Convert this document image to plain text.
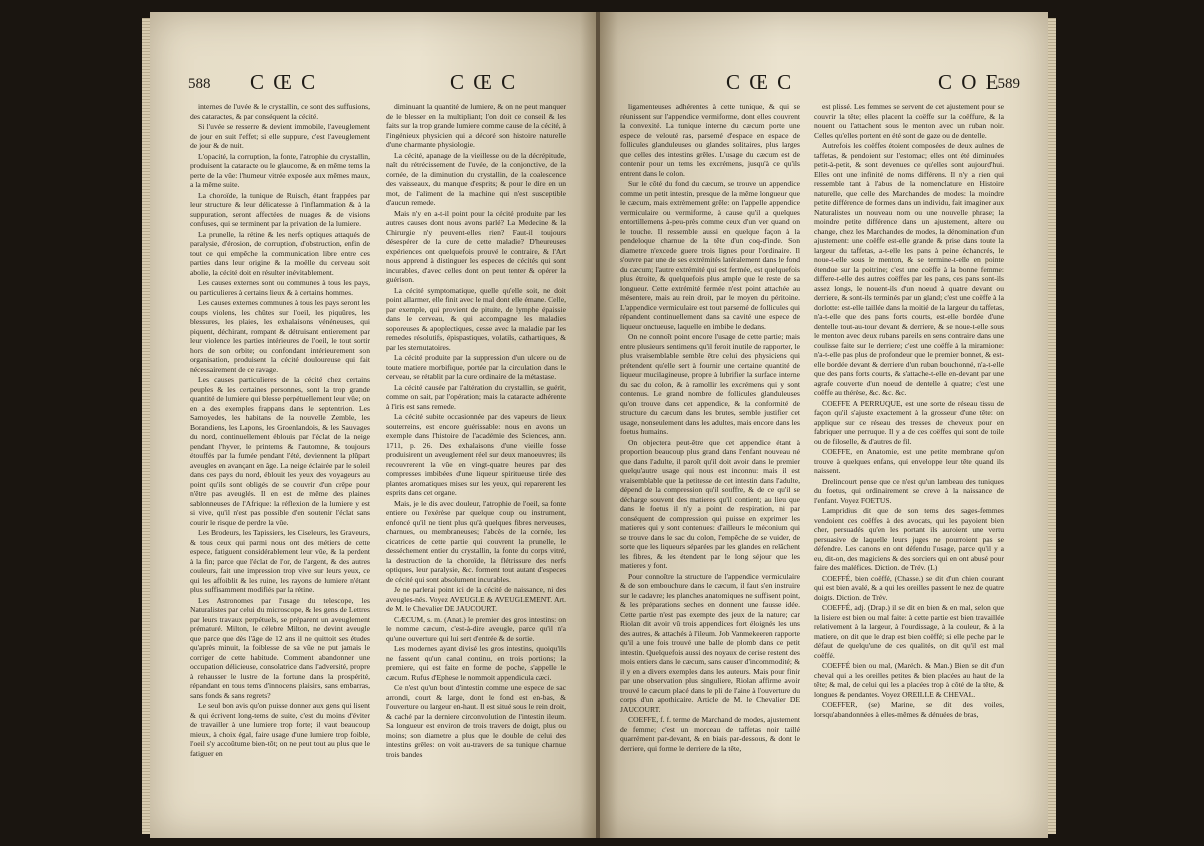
588 C Œ C	C Œ C

internes de l'uvée & le crystallin, ce sont des suffusions, des cataractes, & par conséquent la cécité.

Si l'uvée se resserre & devient immobile, l'aveuglement de jour en suit l'effet; si elle suppure, c'est l'aveuglement de jour & de nuit.

L'opacité, la corruption, la fonte, l'atrophie du crystallin, produisent la cataracte ou le glaucome, & en même tems la perte de la vûe: l'humeur vitrée exposée aux mêmes maux, a la même suite.

La choroïde, la tunique de Ruisch, étant frappées par leur structure & leur délicatesse à l'inflammation & à la suppuration, seront affectées de nuages & de visions confuses, qui se terminent par la privation de la lumiere.

La prunelle, la rétine & les nerfs optiques attaqués de paralysie, d'érosion, de corruption, d'obstruction, enfin de tout ce qui empêche la communication libre entre ces parties dans leur origine & la moëlle du cerveau soit abolie, la cécité doit en résulter inévitablement.

Les causes externes sont ou communes à tous les pays, ou particulieres à certains lieux & à certains hommes.

Les causes externes communes à tous les pays seront les coups violens, les chûtes sur l'oeil, les piquûres, les blessures, les plaies, les exhalaisons vénéneuses, qui piquent, déchirant, rompant & détruisant entierement par leur violence les parties intérieures de l'oeil, le tout sortir hors de son orbite; ou confondant intérieurement son organisation, produisent la cécité douloureuse qui fait nécessairement de ce ravage.

Les causes particulieres de la cécité chez certains peuples & les certaines personnes, sont la trop grande quantité de lumiere qui blesse perpétuellement leur vûe; on en a des exemples frappans dans le septentrion. Les Samoyedes, les habitans de la nouvelle Zemble, les Borandiens, les Lapons, les Groenlandois, & les Sauvages du nord, continuellement éblouis par l'éclat de la neige pendant l'hyver, le printems & l'automne, & toujours étouffés par la fumée pendant l'été, deviennent la plûpart aveugles en avançant en âge. La neige éclairée par le soleil dans ces pays du nord, éblouit les yeux des voyageurs au point qu'ils sont obligés de se couvrir d'un crêpe pour n'être pas aveuglés. Il en est de même des plaines sablonneuses de l'Afrique: la réflexion de la lumiere y est si vive, qu'il n'est pas possible d'en soutenir l'éclat sans courir le risque de perdre la vûe.

Les Brodeurs, les Tapissiers, les Ciseleurs, les Graveurs, & tous ceux qui parmi nous ont des métiers de cette espece, fatiguent considérablement leur vûe, & la perdent à la fin; parce que l'éclat de l'or, de l'argent, & des autres couleurs, fait une impression trop vive sur leurs yeux, ce qui les affoiblit & les ruine, les rayons de lumiere n'étant plus suffisamment modifiés par la rétine.

Les Astronomes par l'usage du telescope, les Naturalistes par celui du microscope, & les gens de Lettres par leurs travaux perpétuels, se préparent un aveuglement prématuré. Milton, le célebre Milton, ne devint aveugle que parce que dès l'âge de 12 ans il ne quittoit ses études qu'après minuit, la foiblesse de sa vûe ne put jamais le corriger de cette habitude. Comment abandonner une occupation délicieuse, consolatrice dans l'adversité, propre à rehausser le lustre de la fortune dans la prospérité, répandant en tous tems d'innocens plaisirs, sans embarras, sans fonds & sans regrets?

Le seul bon avis qu'on puisse donner aux gens qui lisent & qui écrivent long-tems de suite, c'est du moins d'éviter de travailler à une lumiere trop forte; il vaut beaucoup mieux, à choix égal, faire usage d'une lumiere trop foible, l'oeil s'y accoûtume bien-tôt; on ne peut tout au plus que le fatiguer en

diminuant la quantité de lumiere, & on ne peut manquer de le blesser en la multipliant; l'on doit ce conseil & les faits sur la trop grande lumiere comme cause de la cécité, à l'ingénieux physicien qui a décoré son histoire naturelle d'une charmante physiologie.

La cécité, apanage de la vieillesse ou de la décrépitude, naît du rétrécissement de l'uvée, de la conjonctive, de la cornée, de la diminution du crystallin, de la coalescence des vaisseaux, du manque d'esprits; & pour le dire en un mot, de l'aliment de la machine qui n'est susceptible d'aucun remede.

Mais n'y en a-t-il point pour la cécité produite par les autres causes dont nous avons parlé? La Medecine & la Chirurgie n'y peuvent-elles rien? Faut-il toujours désespérer de la cure de cette maladie? D'heureuses expériences ont quelquefois prouvé le contraire, & l'Art nous apprend à distinguer les especes de cécités qui sont incurables, d'avec celles dont on peut tenter & opérer la guérison.

La cécité symptomatique, quelle qu'elle soit, ne doit point allarmer, elle finit avec le mal dont elle émane. Celle, par exemple, qui provient de pituite, de lymphe épaissie dans le cerveau, & qui accompagne les maladies soporeuses & apoplectiques, cesse avec la maladie par les remedes résolutifs, épispastiques, volatils, cathartiques, & par les sternutatoires.

La cécité produite par la suppression d'un ulcere ou de toute matiere morbifique, portée par la circulation dans le cerveau, se rétablit par la cure ordinaire de la métastase.

La cécité causée par l'altération du crystallin, se guérit, comme on sait, par l'opération; mais la cataracte adhérente à l'iris est sans remede.

La cécité subite occasionnée par des vapeurs de lieux souterreins, est encore guérissable: nous en avons un exemple dans l'histoire de l'académie des Sciences, ann. 1711, p. 26. Des exhalaisons d'une vieille fosse produisirent un aveuglement réel sur deux manoeuvres; ils recouvrerent la vûe en vingt-quatre heures par des compresses imbibées d'une liqueur spiritueuse tirée des plantes aromatiques mises sur les yeux, qui reparerent les esprits dans cet organe.

Mais, je le dis avec douleur, l'atrophie de l'oeil, sa fonte entiere ou l'exérèse par quelque coup ou instrument, enfoncé qu'il ne tient plus qu'à quelques fibres nerveuses, charnues, ou membraneuses; l'abcès de la cornée, les cicatrices de cette partie qui couvrent la prunelle, le desséchement entier du crystallin, la fonte du corps vitré, la destruction de la choroïde, la flétrissure des nerfs optiques, leur paralysie, &c. forment tout autant d'especes de cécité qui sont absolument incurables.

Je ne parlerai point ici de la cécité de naissance, ni des aveugles-nés. Voyez AVEUGLE & AVEUGLEMENT. Art. de M. le Chevalier DE JAUCOURT.

CÆCUM, s. m. (Anat.) le premier des gros intestins: on le nomme cæcum, c'est-à-dire aveugle, parce qu'il n'a qu'une ouverture qui lui sert d'entrée & de sortie.

Les modernes ayant divisé les gros intestins, quoiqu'ils ne fassent qu'un canal continu, en trois portions; la premiere, qui est faite en forme de poche, s'appelle le cæcum. Rufus d'Ephese le nommoit appendicula cæci.

Ce n'est qu'un bout d'intestin comme une espece de sac arrondi, court & large, dont le fond est en-bas, & l'ouverture ou largeur en-haut. Il est situé sous le rein droit, & caché par la derniere circonvolution de l'intestin ileum. Sa longueur est environ de trois travers de doigt, plus ou moins; son diametre a plus que le double de celui des intestins grêles: on voit au-travers de sa tunique charnue trois bandes

589
C Œ C	C O E

ligamenteuses adhérentes à cette tunique, & qui se réunissent sur l'appendice vermiforme, dont elles couvrent la convexité. La tunique interne du cæcum porte une espece de velouté ras, parsemé d'espace en espace de follicules glanduleuses ou glandes solitaires, plus larges que celles des intestins grêles. L'usage du cæcum est de contenir pour un tems les excrémens, jusqu'à ce qu'ils entrent dans le colon.

Sur le côté du fond du cæcum, se trouve un appendice comme un petit intestin, presque de la même longueur que le cæcum, mais extrèmement grêle: on l'appelle appendice vermiculaire ou vermiforme, à cause qu'il a quelques entortillemens à-peu-près comme ceux d'un ver quand on le touche. Il ressemble aussi en quelque façon à la pendeloque charnue de la tête d'un coq-d'inde. Son diametre n'excede guere trois lignes pour l'ordinaire. Il s'ouvre par une de ses extrémités latéralement dans le fond du cæcum; l'autre extrémité qui est fermée, est quelquefois plus étroite, & quelquefois plus ample que le reste de sa longueur. Cette extrémité fermée n'est point attachée au mésentere, mais au rein droit, par le moyen du péritoine. L'appendice vermiculaire est tout parsemé de follicules qui répandent continuellement dans sa cavité une espece de liqueur onctueuse, laquelle en imbibe le dedans.

On ne connoît point encore l'usage de cette partie; mais entre plusieurs sentimens qu'il feroit inutile de rapporter, le plus vraisemblable semble être celui des physiciens qui prétendent qu'elle sert à fournir une certaine quantité de liqueur mucilagineuse, propre à lubrifier la surface interne du sac du colon, & à ramollir les excrémens qui y sont contenus. Le grand nombre de follicules glanduleuses qu'on trouve dans cet appendice, & la conformité de structure du cæcum dans les brutes, semble justifier cet usage, nonseulement dans les adultes, mais encore dans les foetus humains.

On objectera peut-être que cet appendice étant à proportion beaucoup plus grand dans l'enfant nouveau né que dans l'adulte, il paroît qu'il doit avoir dans le premier quelqu'autre usage qui nous est inconnu: mais il est vraisemblable que la petitesse de cet intestin dans l'adulte, dépend de la compression qu'il souffre, & de ce qu'il se décharge souvent des matieres qu'il contient; au lieu que dans le foetus il n'y a point de respiration, ni par conséquent de compression qui puisse en exprimer les matieres qui y sont contenues: d'ailleurs le méconium qui se trouve dans le sac du colon, l'empêche de se vuider, de sorte que les liqueurs séparées par les glandes en relâchent les fibres, & les étendent par le long séjour que les matieres y font.

Pour connoître la structure de l'appendice vermiculaire & de son embouchure dans le cæcum, il faut s'en instruire sur le cadavre; les planches anatomiques ne suffisent point, & les préparations seches en donnent une fausse idée. Cette partie n'est pas exempte des jeux de la nature; car Riolan dit avoir vû trois appendices fort éloignés les uns des autres, & attachés à l'ileum. Job Vanmekeeren rapporte qu'il a une fois trouvé une balle de plomb dans ce petit intestin. Quelquefois aussi des noyaux de cerise restent des mois entiers dans le cæcum, sans causer d'incommodité; & il y en a divers exemples dans les auteurs. Mais pour finir par une observation plus singuliere, Riolan affirme avoir trouvé le cæcum placé dans le pli de l'aine à l'ouverture du corps d'un apothicaire. Article de M. le Chevalier DE JAUCOURT.

COEFFE, f. f. terme de Marchand de modes, ajustement de femme; c'est un morceau de taffetas noir taillé quarrément par-devant, & en biais par-dessous, & dont le derriere, qui forme le derriere de la tête,

est plissé. Les femmes se servent de cet ajustement pour se couvrir la tête; elles placent la coëffe sur la coëffure, & la nouent ou l'attachent sous le menton avec un ruban noir. Celles qu'elles portent en été sont de gaze ou de dentelle.

Autrefois les coëffes étoient composées de deux aulnes de taffetas, & pendoient sur l'estomac; elles ont été diminuées petit-à-petit, & sont devenues ce qu'elles sont aujourd'hui. Elles ont une infinité de noms différens. Il n'y a rien qui ressemble tant à l'abus de la nomenclature en Histoire naturelle, que celle des Marchandes de modes: la moindre petite différence de formes dans un individu, fait imaginer aux Naturalistes un nouveau nom ou une nouvelle phrase; la moindre petite différence dans un ajustement, altere ou change, chez les Marchandes de modes, la dénomination d'un ajustement: une coëffe est-elle grande & prise dans toute la largeur du taffetas, a-t-elle les pans à peine échancrés, le noue-t-elle sous le menton, & se termine-t-elle en pointe étendue sur la poitrine; c'est une coëffe à la bonne femme: differe-t-elle des autres coëffes par les pans, ces pans sont-ils assez longs, le nouent-ils d'un noeud à quatre devant ou derriere, & sont-ils terminés par un gland; c'est une coëffe à la dorlotte: est-elle taillée dans la moitié de la largeur du taffetas, n'a-t-elle que des pans forts courts, est-elle bordée d'une dentelle tout-au-tour devant & derriere, & se noue-t-elle sous le menton avec deux rubans pareils en sens contraire dans une coulisse faite sur le derriere; c'est une coëffe à la miramione: n'a-t-elle pas plus de profondeur que le premier bonnet, & est-elle bordée devant & derriere d'un ruban bouchonné, n'a-t-elle que des pans forts courts, & s'attache-t-elle en-devant par une agrafe couverte d'un noeud de dentelle à quatre; c'est une coëffe au thérèse, &c. &c. &c.

COEFFE A PERRUQUE, est une sorte de réseau tissu de façon qu'il s'ajuste exactement à la grosseur d'une tête: on applique sur ce réseau des tresses de cheveux pour en fabriquer une perruque. Il y a de ces coëffes qui sont de toile ou de filoselle, & d'autres de fil.

COEFFE, en Anatomie, est une petite membrane qu'on trouve à quelques enfans, qui enveloppe leur tête quand ils naissent.

Drelincourt pense que ce n'est qu'un lambeau des tuniques du foetus, qui ordinairement se creve à la naissance de l'enfant. Voyez FOETUS.

Lampridius dit que de son tems des sages-femmes vendoient ces coëffes à des avocats, qui les payoient bien cher, persuadés qu'en les portant ils auroient une vertu persuasive de laquelle leurs juges ne pourroient pas se défendre. Les canons en ont défendu l'usage, parce qu'il y a eu, dit-on, des magiciens & des sorciers qui en ont abusé pour faire des maléfices. Diction. de Trév. (L)

COEFFÉ, bien coëffé, (Chasse.) se dit d'un chien courant qui est bien avalé, & a qui les oreilles passent le nez de quatre doigts. Diction. de Trév.

COEFFÉ, adj. (Drap.) il se dit en bien & en mal, selon que la lisiere est bien ou mal faite: à cette partie est bien travaillée relativement à la largeur, à l'ourdissage, à la couleur, & à la matiere, on dit que le drap est bien coëffé; si elle peche par le défaut de quelqu'une de ces qualités, on dit qu'il est mal coëffé.

COEFFÉ bien ou mal, (Maréch. & Man.) Bien se dit d'un cheval qui a les oreilles petites & bien placées au haut de la tête; & mal, de celui qui les a placées trop à côté de la tête, & longues & pendantes. Voyez OREILLE & CHEVAL.

COEFFER, (se) Marine, se dit des voiles, lorsqu'abandonnées à elles-mêmes & dénuées de bras,
